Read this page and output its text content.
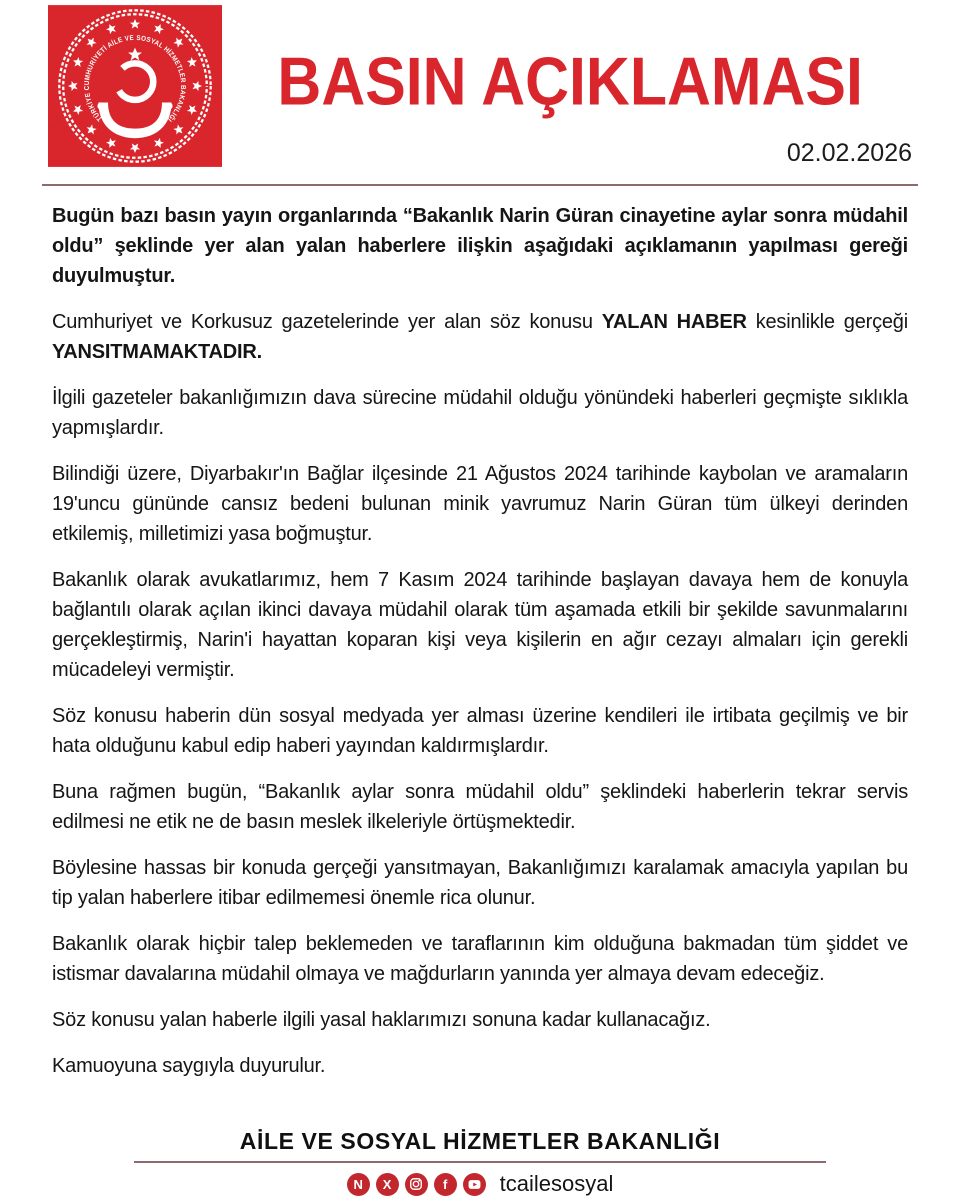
TÜRKİYE CUMHURİYETİ AİLE VE SOSYAL HİZMETLER BAKANLIĞI
BASIN AÇIKLAMASI
02.02.2026

Bugün bazı basın yayın organlarında “Bakanlık Narin Güran cinayetine aylar sonra müdahil oldu” şeklinde yer alan yalan haberlere ilişkin aşağıdaki açıklamanın yapılması gereği duyulmuştur.

Cumhuriyet ve Korkusuz gazetelerinde yer alan söz konusu YALAN HABER kesinlikle gerçeği YANSITMAMAKTADIR.

İlgili gazeteler bakanlığımızın dava sürecine müdahil olduğu yönündeki haberleri geçmişte sıklıkla yapmışlardır.

Bilindiği üzere, Diyarbakır'ın Bağlar ilçesinde 21 Ağustos 2024 tarihinde kaybolan ve aramaların 19'uncu gününde cansız bedeni bulunan minik yavrumuz Narin Güran tüm ülkeyi derinden etkilemiş, milletimizi yasa boğmuştur.

Bakanlık olarak avukatlarımız, hem 7 Kasım 2024 tarihinde başlayan davaya hem de konuyla bağlantılı olarak açılan ikinci davaya müdahil olarak tüm aşamada etkili bir şekilde savunmalarını gerçekleştirmiş, Narin'i hayattan koparan kişi veya kişilerin en ağır cezayı almaları için gerekli mücadeleyi vermiştir.

Söz konusu haberin dün sosyal medyada yer alması üzerine kendileri ile irtibata geçilmiş ve bir hata olduğunu kabul edip haberi yayından kaldırmışlardır.

Buna rağmen bugün, “Bakanlık aylar sonra müdahil oldu” şeklindeki haberlerin tekrar servis edilmesi ne etik ne de basın meslek ilkeleriyle örtüşmektedir.

Böylesine hassas bir konuda gerçeği yansıtmayan, Bakanlığımızı karalamak amacıyla yapılan bu tip yalan haberlere itibar edilmemesi önemle rica olunur.

Bakanlık olarak hiçbir talep beklemeden ve taraflarının kim olduğuna bakmadan tüm şiddet ve istismar davalarına müdahil olmaya ve mağdurların yanında yer almaya devam edeceğiz.

Söz konusu yalan haberle ilgili yasal haklarımızı sonuna kadar kullanacağız.

Kamuoyuna saygıyla duyurulur.

AİLE VE SOSYAL HİZMETLER BAKANLIĞI
N X	f tcailesosyal
